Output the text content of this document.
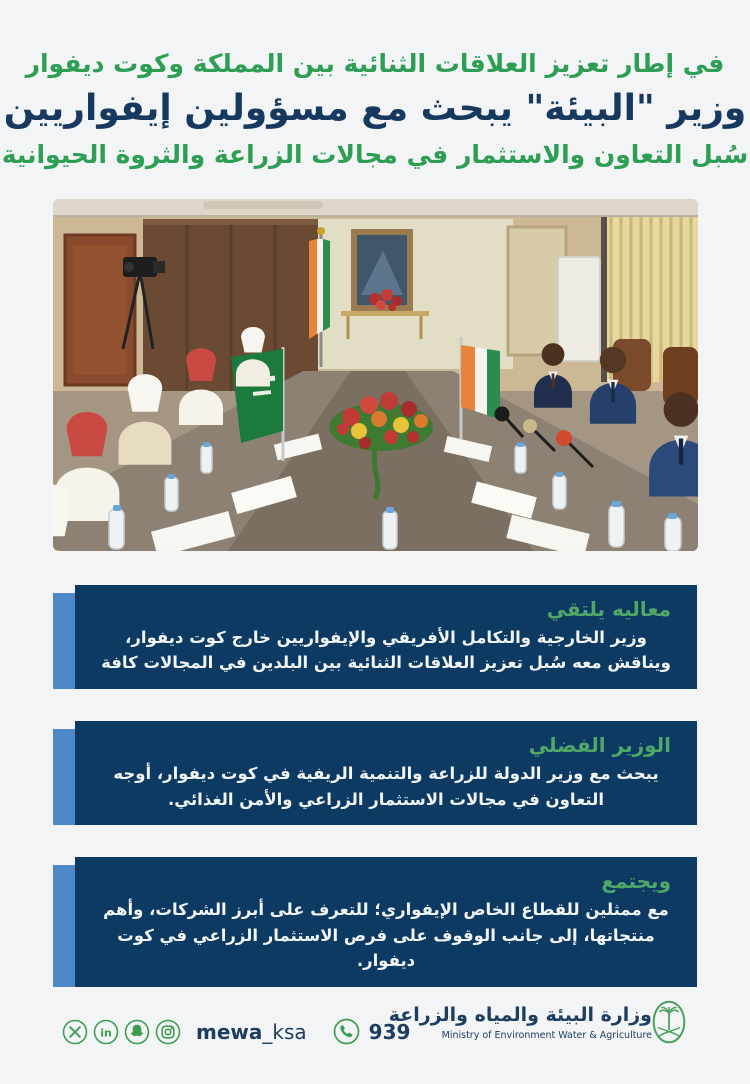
في إطار تعزيز العلاقات الثنائية بين المملكة وكوت ديفوار
وزير "البيئة" يبحث مع مسؤولين إيفواريين
سُبل التعاون والاستثمار في مجالات الزراعة والثروة الحيوانية
معاليه يلتقي
وزير الخارجية والتكامل الأفريقي والإيفواريين خارج كوت ديفوار، ويناقش معه سُبل تعزيز العلاقات الثنائية بين البلدين في المجالات كافة
الوزير الفضلي
يبحث مع وزير الدولة للزراعة والتنمية الريفية في كوت ديفوار، أوجه التعاون في مجالات الاستثمار الزراعي والأمن الغذائي.
ويجتمع
مع ممثلين للقطاع الخاص الإيفواري؛ للتعرف على أبرز الشركات، وأهم منتجاتها، إلى جانب الوقوف على فرص الاستثمار الزراعي في كوت ديفوار.
in	mewa_ksa	939
وزارة البيئة والمياه والزراعة
Ministry of Environment Water & Agriculture
